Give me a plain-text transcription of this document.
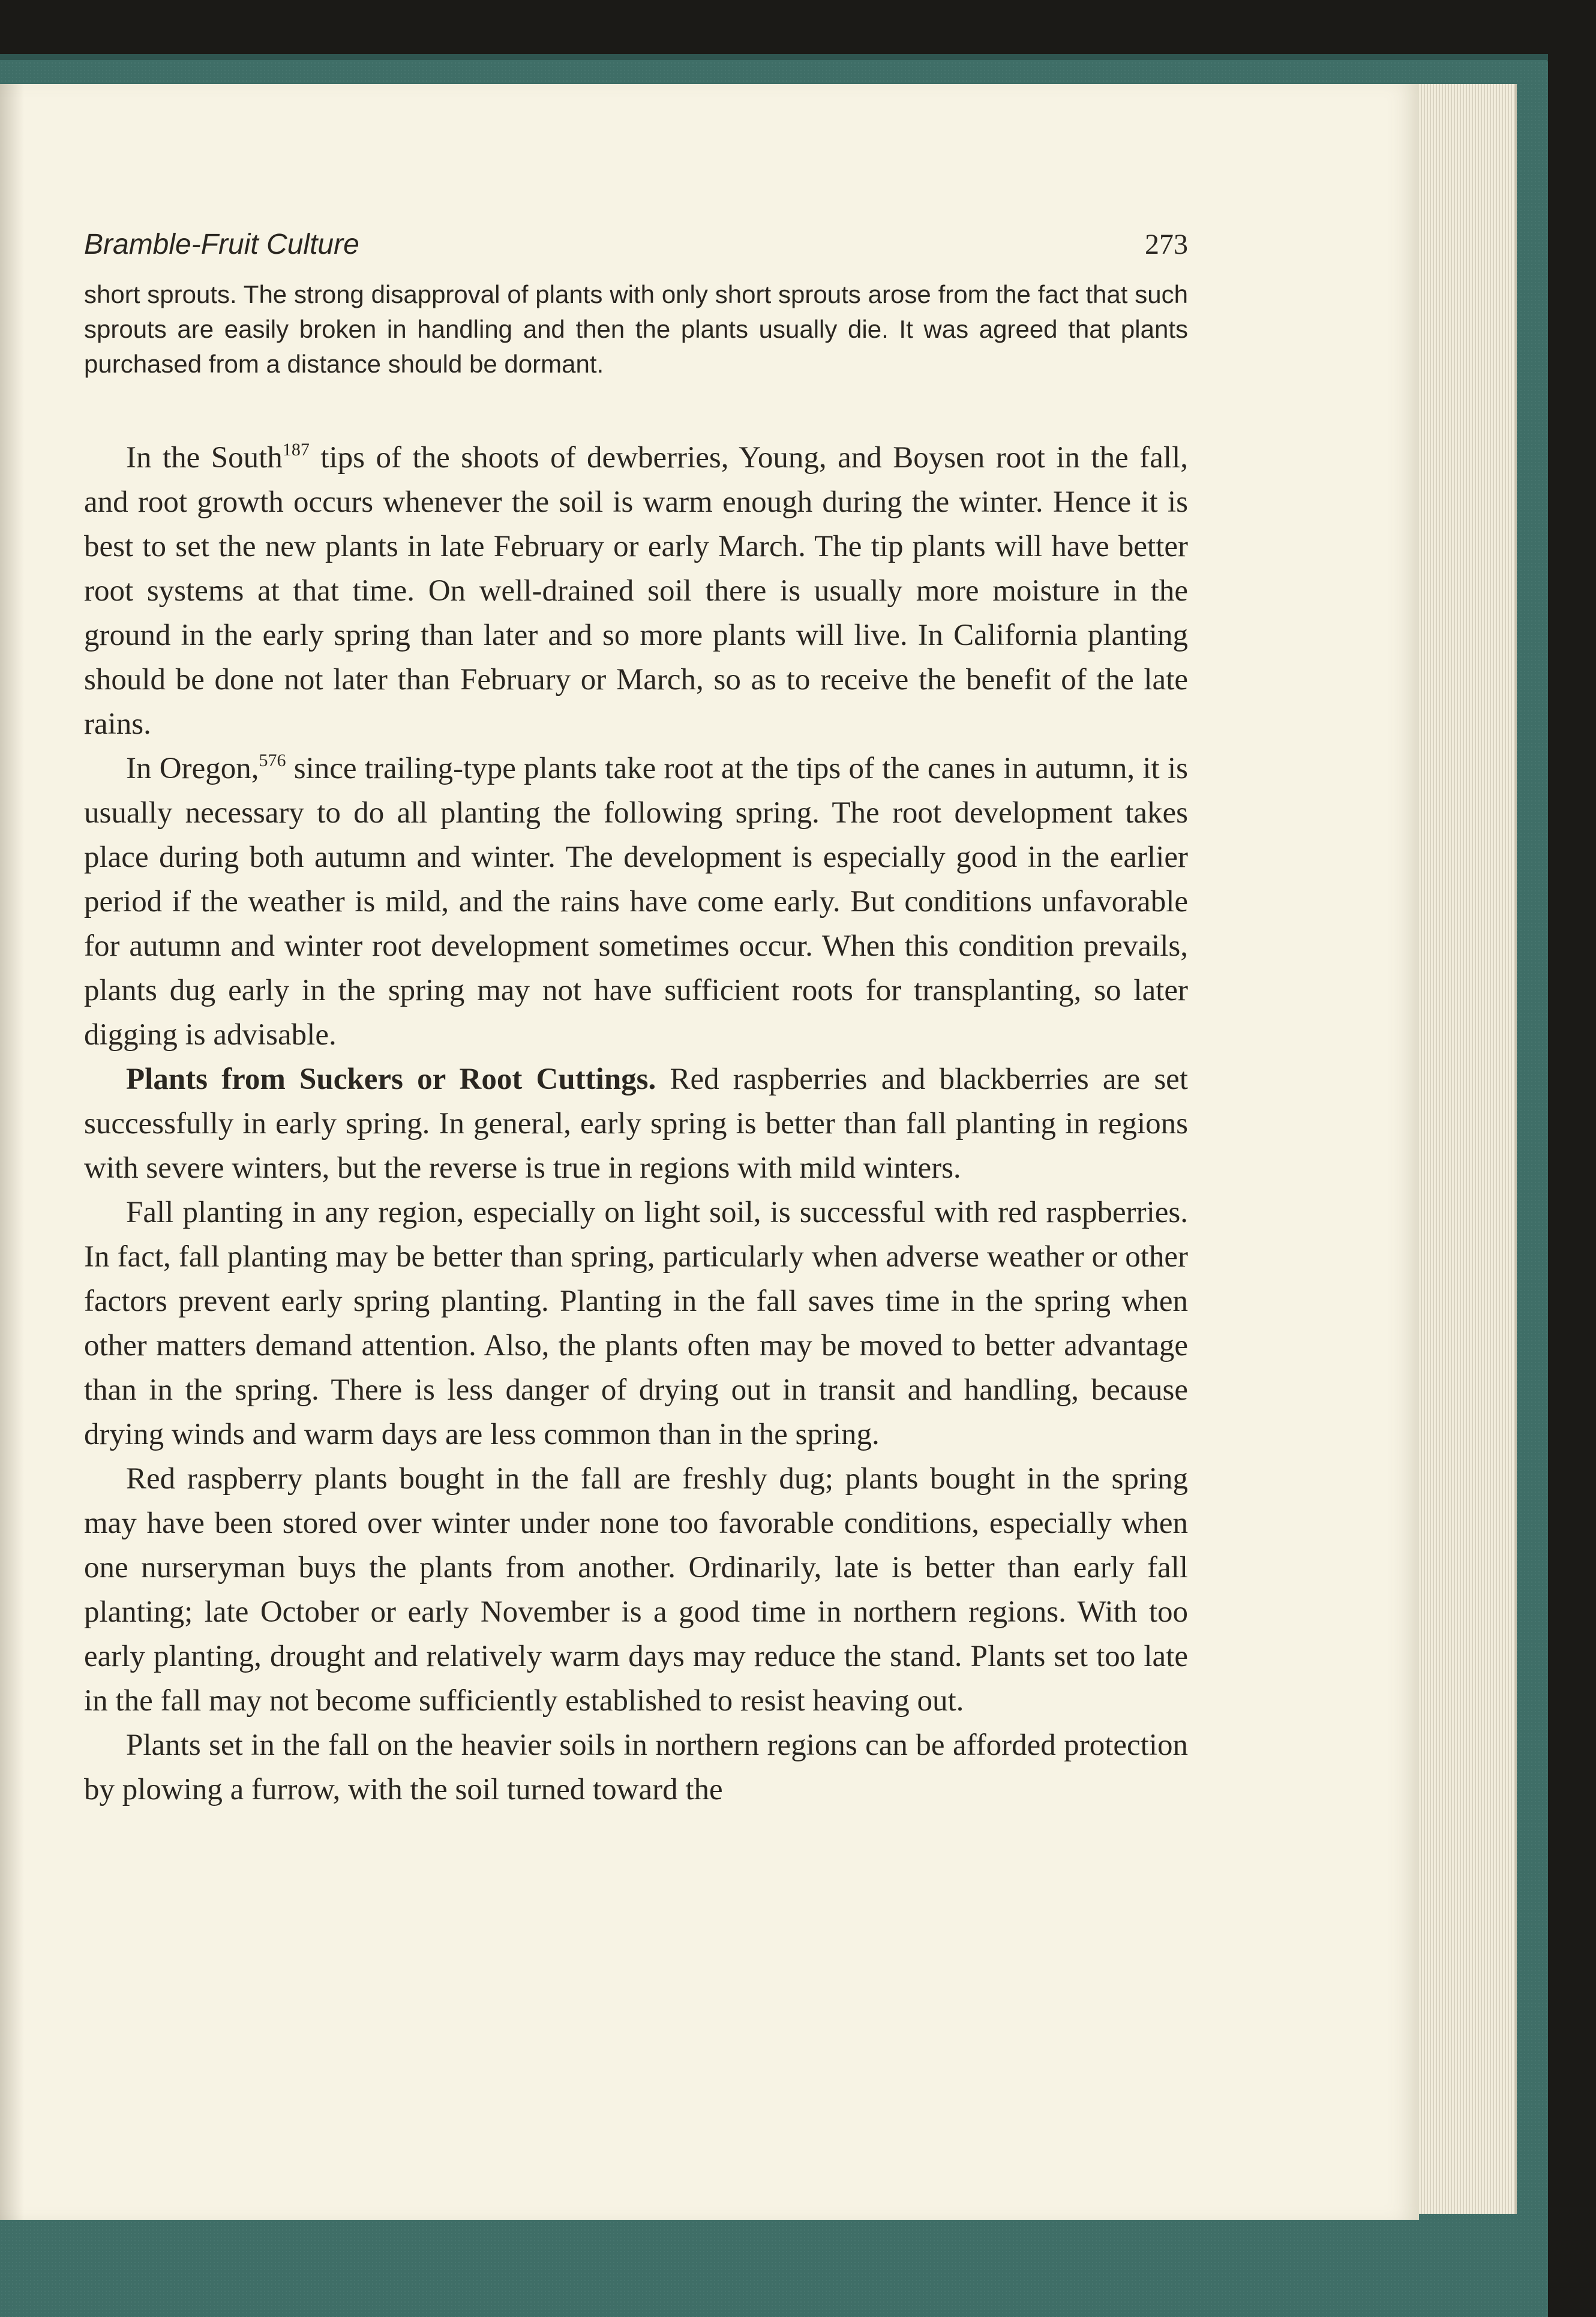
Bramble-Fruit Culture	273

short sprouts. The strong disapproval of plants with only short sprouts arose from the fact that such sprouts are easily broken in handling and then the plants usually die. It was agreed that plants purchased from a distance should be dormant.

In the South$^{187}$ tips of the shoots of dewberries, Young, and Boysen root in the fall, and root growth occurs whenever the soil is warm enough during the winter. Hence it is best to set the new plants in late February or early March. The tip plants will have better root systems at that time. On well-drained soil there is usually more moisture in the ground in the early spring than later and so more plants will live. In California planting should be done not later than February or March, so as to receive the benefit of the late rains.

In Oregon,$^{576}$ since trailing-type plants take root at the tips of the canes in autumn, it is usually necessary to do all planting the following spring. The root development takes place during both autumn and winter. The development is especially good in the earlier period if the weather is mild, and the rains have come early. But conditions unfavorable for autumn and winter root development sometimes occur. When this condition prevails, plants dug early in the spring may not have sufficient roots for transplanting, so later digging is advisable.

Plants from Suckers or Root Cuttings. Red raspberries and blackberries are set successfully in early spring. In general, early spring is better than fall planting in regions with severe winters, but the reverse is true in regions with mild winters.

Fall planting in any region, especially on light soil, is successful with red raspberries. In fact, fall planting may be better than spring, particularly when adverse weather or other factors prevent early spring planting. Planting in the fall saves time in the spring when other matters demand attention. Also, the plants often may be moved to better advantage than in the spring. There is less danger of drying out in transit and handling, because drying winds and warm days are less common than in the spring.

Red raspberry plants bought in the fall are freshly dug; plants bought in the spring may have been stored over winter under none too favorable conditions, especially when one nurseryman buys the plants from another. Ordinarily, late is better than early fall planting; late October or early November is a good time in northern regions. With too early planting, drought and relatively warm days may reduce the stand. Plants set too late in the fall may not become sufficiently established to resist heaving out.

Plants set in the fall on the heavier soils in northern regions can be afforded protection by plowing a furrow, with the soil turned toward the
